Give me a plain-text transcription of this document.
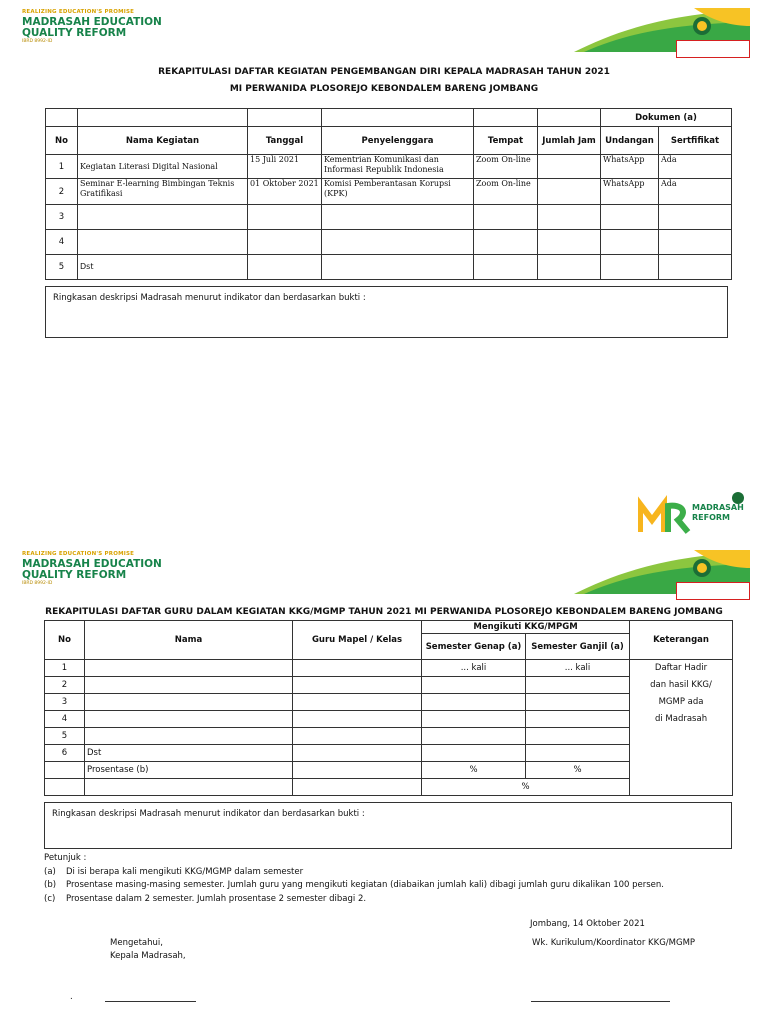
REALIZING EDUCATION'S PROMISE
MADRASAH EDUCATION
QUALITY REFORM
IBRD 8992-ID
REKAPITULASI DAFTAR KEGIATAN PENGEMBANGAN DIRI KEPALA MADRASAH TAHUN 2021
MI PERWANIDA PLOSOREJO KEBONDALEM BARENG JOMBANG
						Dokumen (a)	
No	Nama Kegiatan	Tanggal	Penyelenggara	Tempat	Jumlah Jam	Undangan	Sertfifikat
1	Kegiatan Literasi Digital Nasional	15 Juli 2021	Kementrian Komunikasi dan Informasi Republik Indonesia	Zoom On-line		WhatsApp	Ada
2	Seminar E-learning Bimbingan Teknis Gratifikasi	01 Oktober 2021	Komisi Pemberantasan Korupsi (KPK)	Zoom On-line		WhatsApp	Ada
3							
4							
5	Dst						
Ringkasan deskripsi Madrasah menurut indikator dan berdasarkan bukti :
MADRASAH
REFORM
REALIZING EDUCATION'S PROMISE
MADRASAH EDUCATION
QUALITY REFORM
IBRD 8992-ID
REKAPITULASI DAFTAR GURU DALAM KEGIATAN KKG/MGMP TAHUN 2021 MI PERWANIDA PLOSOREJO KEBONDALEM BARENG JOMBANG
No	Nama	Guru Mapel / Kelas	Mengikuti KKG/MPGM		Keterangan
			Semester Genap (a)	Semester Ganjil (a)	
1			... kali	... kali	Daftar Hadir
dan hasil KKG/
MGMP ada
di Madrasah

2					
3					
4					
5					
6	Dst				
	Prosentase (b)		%	%	
			%		
Ringkasan deskripsi Madrasah menurut indikator dan berdasarkan bukti :
Petunjuk :
(a) Di isi berapa kali mengikuti KKG/MGMP dalam semester
(b) Prosentase masing-masing semester. Jumlah guru yang mengikuti kegiatan (diabaikan jumlah kali) dibagi jumlah guru dikalikan 100 persen.
(c) Prosentase dalam 2 semester. Jumlah prosentase 2 semester dibagi 2.
Jombang, 14 Oktober 2021
Mengetahui,
Kepala Madrasah,
Wk. Kurikulum/Koordinator KKG/MGMP
.
